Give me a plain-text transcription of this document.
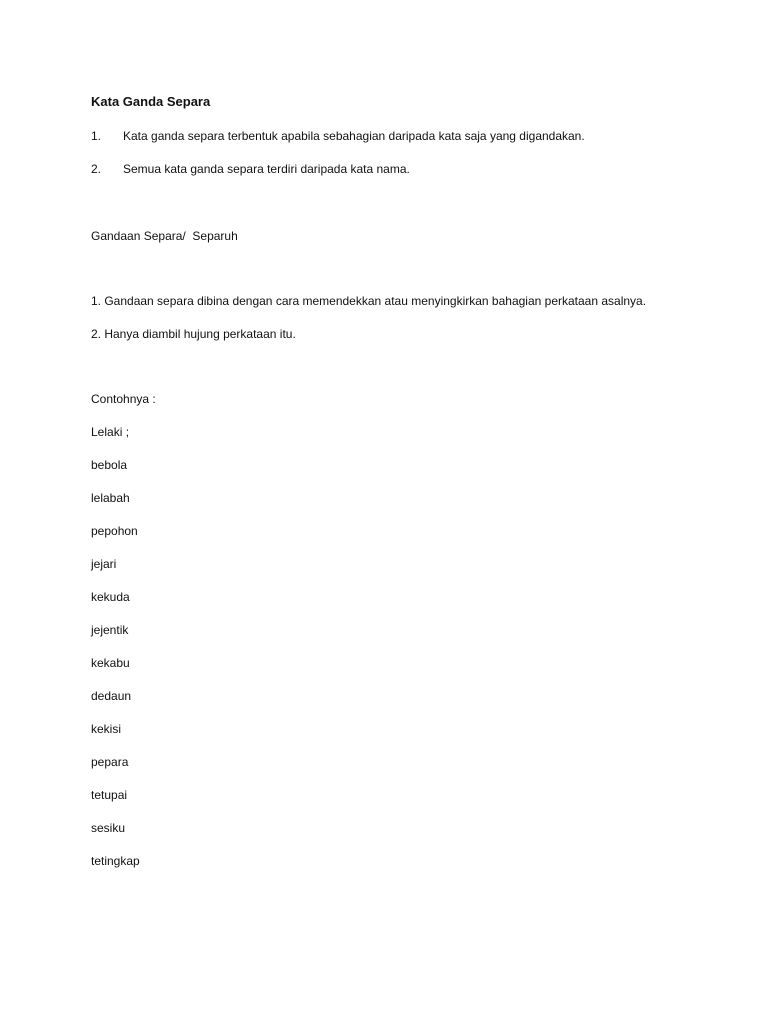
Kata Ganda Separa
1. Kata ganda separa terbentuk apabila sebahagian daripada kata saja yang digandakan.
2. Semua kata ganda separa terdiri daripada kata nama.
Gandaan Separa/  Separuh
1. Gandaan separa dibina dengan cara memendekkan atau menyingkirkan bahagian perkataan asalnya.
2. Hanya diambil hujung perkataan itu.
Contohnya :
Lelaki ;
bebola
lelabah
pepohon
jejari
kekuda
jejentik
kekabu
dedaun
kekisi
pepara
tetupai
sesiku
tetingkap
